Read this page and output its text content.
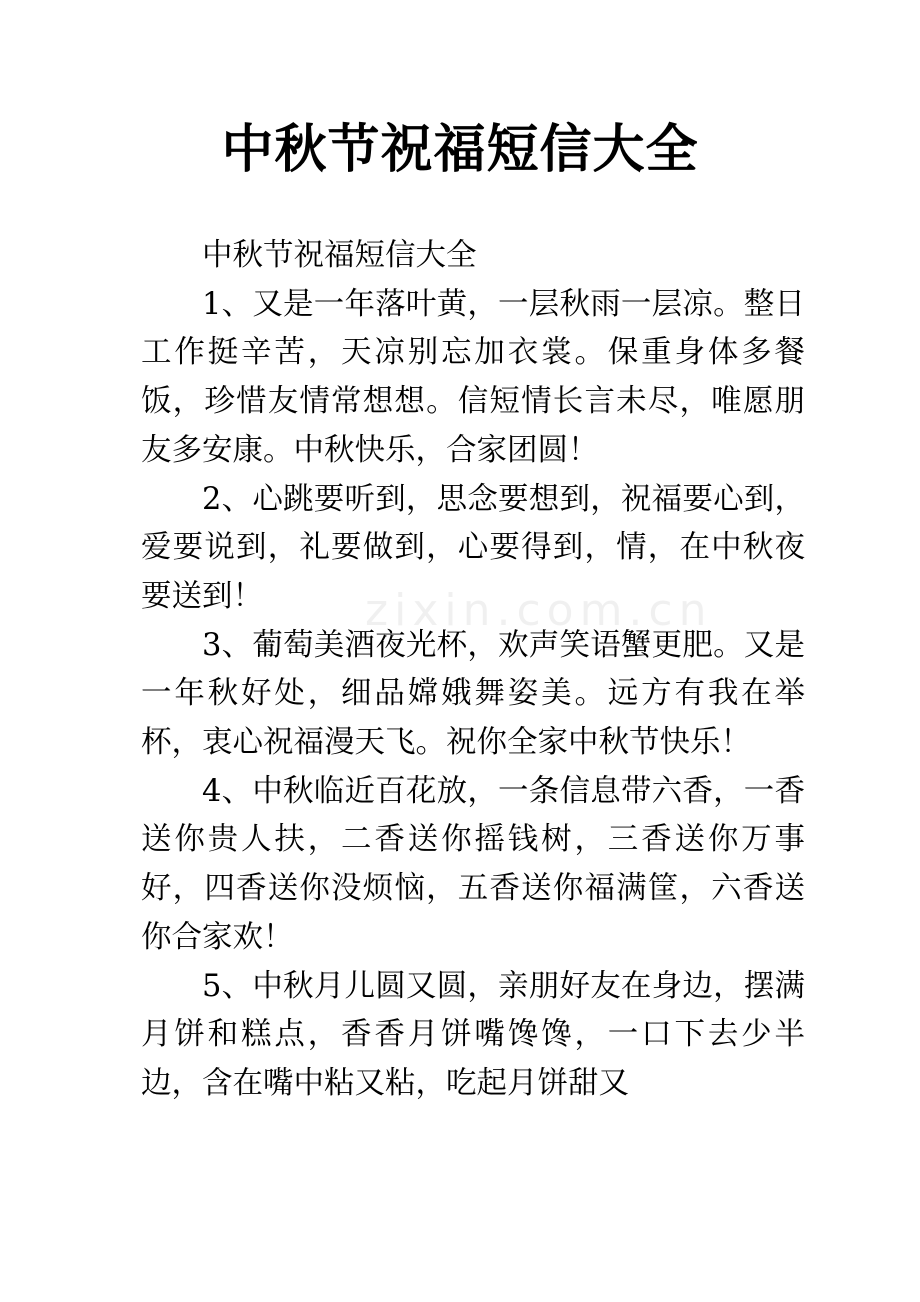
中秋节祝福短信大全

中秋节祝福短信大全

1、又是一年落叶黄，一层秋雨一层凉。整日工作挺辛苦，天凉别忘加衣裳。保重身体多餐饭，珍惜友情常想想。信短情长言未尽，唯愿朋友多安康。中秋快乐，合家团圆！

2、心跳要听到，思念要想到，祝福要心到，爱要说到，礼要做到，心要得到，情，在中秋夜要送到！

3、葡萄美酒夜光杯，欢声笑语蟹更肥。又是一年秋好处，细品嫦娥舞姿美。远方有我在举杯，衷心祝福漫天飞。祝你全家中秋节快乐！

4、中秋临近百花放，一条信息带六香，一香送你贵人扶，二香送你摇钱树，三香送你万事好，四香送你没烦恼，五香送你福满筐，六香送你合家欢！

5、中秋月儿圆又圆，亲朋好友在身边，摆满月饼和糕点，香香月饼嘴馋馋，一口下去少半边，含在嘴中粘又粘，吃起月饼甜又

zixin.com.cn
